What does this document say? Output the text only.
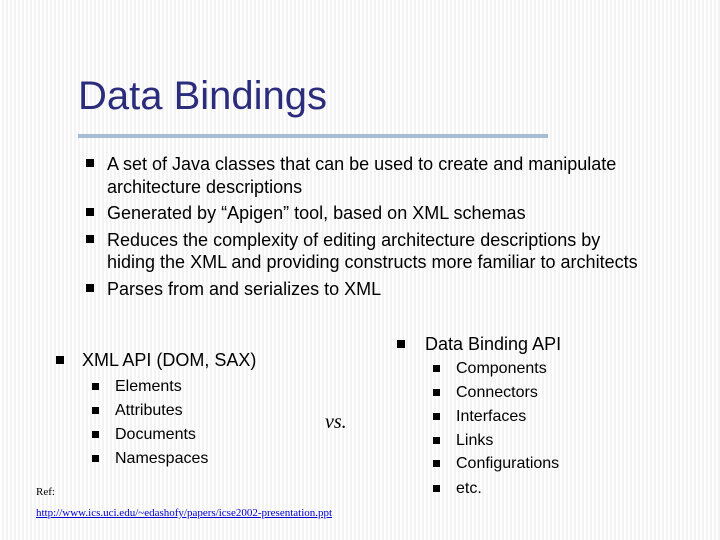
Data Bindings
A set of Java classes that can be used to create and manipulate
architecture descriptions
Generated by “Apigen” tool, based on XML schemas
Reduces the complexity of editing architecture descriptions by
hiding the XML and providing constructs more familiar to architects
Parses from and serializes to XML
XML API (DOM, SAX)
Elements
Attributes
Documents
Namespaces
vs.
Data Binding API
Components
Connectors
Interfaces
Links
Configurations
etc.
Ref:
http://www.ics.uci.edu/~edashofy/papers/icse2002-presentation.ppt
